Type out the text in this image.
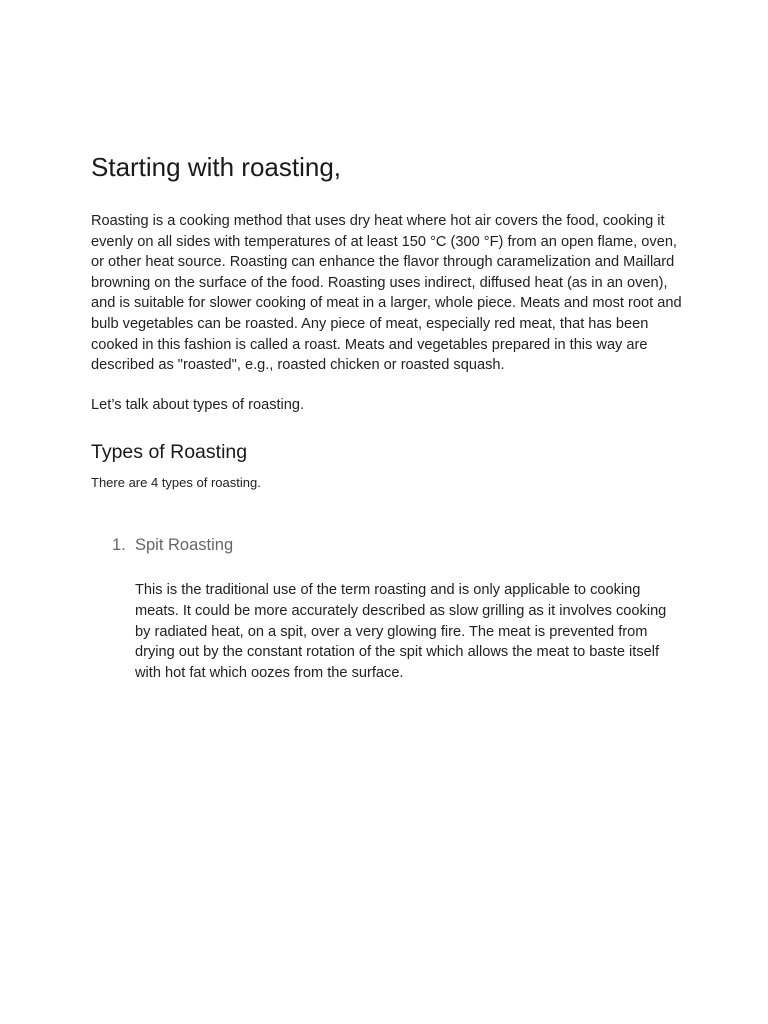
Starting with roasting,

Roasting is a cooking method that uses dry heat where hot air covers the food, cooking it evenly on all sides with temperatures of at least 150 °C (300 °F) from an open flame, oven, or other heat source. Roasting can enhance the flavor through caramelization and Maillard browning on the surface of the food. Roasting uses indirect, diffused heat (as in an oven), and is suitable for slower cooking of meat in a larger, whole piece. Meats and most root and bulb vegetables can be roasted. Any piece of meat, especially red meat, that has been cooked in this fashion is called a roast. Meats and vegetables prepared in this way are described as "roasted", e.g., roasted chicken or roasted squash.

Let’s talk about types of roasting.

Types of Roasting

There are 4 types of roasting.

1. Spit Roasting

This is the traditional use of the term roasting and is only applicable to cooking meats. It could be more accurately described as slow grilling as it involves cooking by radiated heat, on a spit, over a very glowing fire. The meat is prevented from drying out by the constant rotation of the spit which allows the meat to baste itself with hot fat which oozes from the surface.
